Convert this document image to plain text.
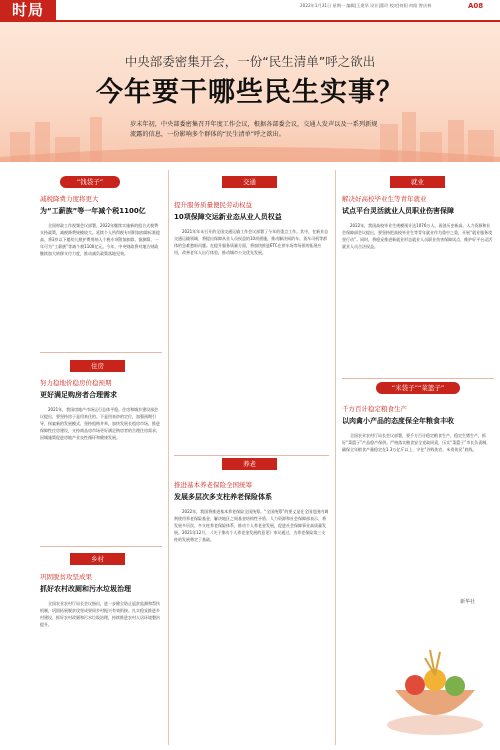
时局	2022年1月31日 星期一 编辑|王建华 设计|董玲 校对|何阳 何阳 曾庆林	A08
中央部委密集开会，一份“民生清单”呼之欲出
今年要干哪些民生实事？
岁末年初，中央部委密集召开年度工作会议，根据各部委会议，交通人发声以及一系列新规流露的信息，一份影响多个群体的“民生清单”呼之欲出。
“钱袋子”
减税降费力度将更大
为“工薪族”等一年减个税1100亿
全国财政工作视频会议部署，2022年继续实施新的组合式税费支持政策，减税降费规模较大。延续个人所得税专项附加扣除标准提高、将3岁以下婴幼儿照护费用纳入个税专项附加扣除，据测算，一年可为“工薪族”等减个税1100亿元。今年，中央财政将对地方财政继续加大转移支付力度，推动减负政策落地见效。
住房
努力稳地价稳房价稳预期
更好满足购房者合理需求
2021年，我国房地产市场运行总体平稳。住房和城乡建设部会议提出，要坚持房子是用来住的、不是用来炒的定位，加强预期引导，探索新的发展模式，坚持租购并举，加快发展长租房市场，推进保障性住房建设，支持商品房市场更好满足购房者的合理住房需求，因城施策促进房地产业良性循环和健康发展。
乡村
巩固脱贫攻坚成果
抓好农村改厕和污水垃圾治理
全国农业农村厅局长会议指出，进一步健全防止返贫监测和帮扶机制，巩固拓展脱贫攻坚成果同乡村振兴有效衔接。扎实稳妥推进乡村建设，抓好农村改厕和污水垃圾治理，持续推进农村人居环境整治提升。
交通
提升服务质量便民劳动权益
10项保障交运新业态从业人员权益
2021年年末召开的全国交通运输工作会议部署了今年的重点工作。其中，在新业态交通运输领域，将提出保障从业人员权益的10项措施，推动解决网约车、货车司机等群体的急难愁盼问题。在提升服务质量方面，将加快推进ETC在停车场等场景的拓展应用，改善老年人出行体验，推动城市公交优先发展。
养老
推进基本养老保险全国统筹
发展多层次多支柱养老保险体系
2022年，我国将推进基本养老保险全国统筹。“全国统筹”的要义是在全国范围内调剂使用养老保险基金，解决地区之间基金结构性矛盾。人力资源和社会保障部表示，将发展多层次、多支柱养老保险体系，推动个人养老金发展，促进社会保障事业高质量发展。2021年12月，《关于推动个人养老金发展的意见》审议通过，为养老保险第三支柱的发展奠定了基础。
就业
解决好高校毕业生等青年就业
试点平台灵活就业人员职业伤害保障
2022年，我国高校毕业生规模预计达1076万人，再创历史新高。人力资源和社会保障部会议提出，要坚持把高校毕业生等青年就业作为重中之重，开展“就业服务攻坚行动”。同时，将稳妥推进新就业形态就业人员职业伤害保障试点，维护好平台灵活就业人员合法权益。
“米袋子”“菜篮子”
千方百计稳定粮食生产
以肉禽小产品的态度保全年粮食丰收
全国农业农村厅局长会议部署，要千方百计稳定粮食生产，稳定生猪生产，抓好“菜篮子”产品稳产保供。严格落实粮食安全党政同责，压实“菜篮子”市长负责制，确保全年粮食产量稳定在1.3万亿斤以上，守住“谷贱伤农、米贵伤民”底线。
新华社
